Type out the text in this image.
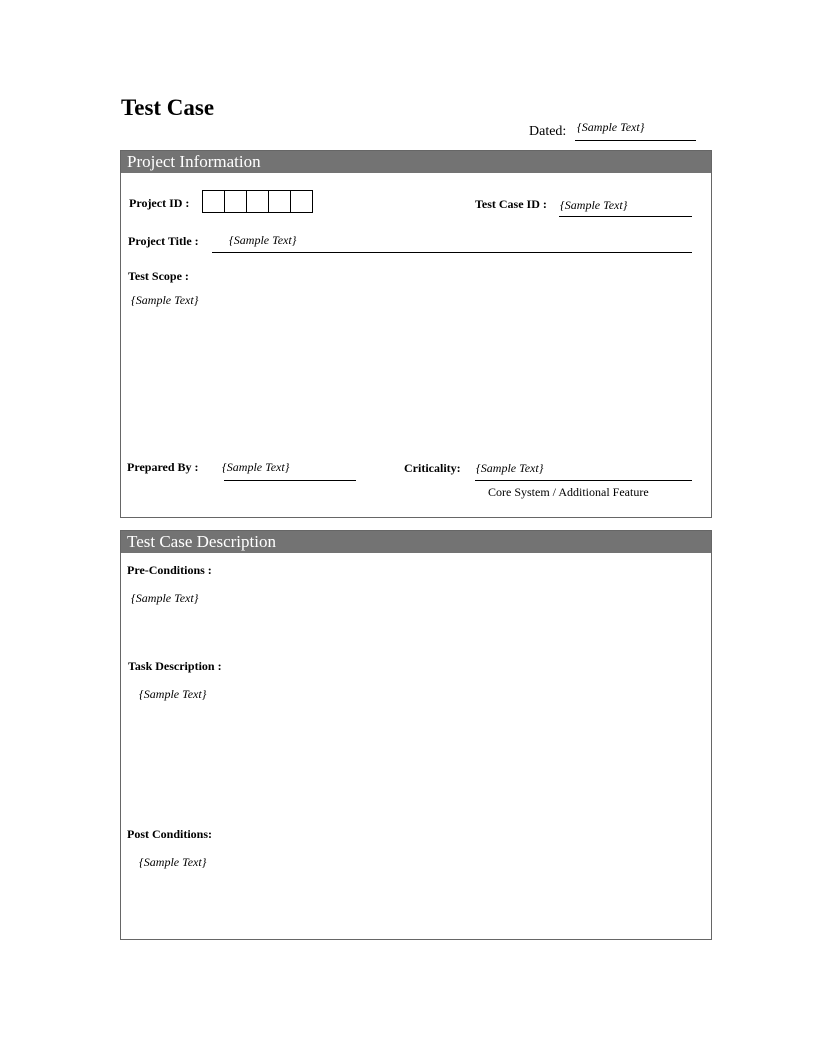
Test Case
Dated: {Sample Text}
Project Information
Project ID :	Test Case ID : {Sample Text}
Project Title :	{Sample Text}
Test Scope :
{Sample Text}
Prepared By : {Sample Text}	Criticality: {Sample Text}
Core System / Additional Feature
Test Case Description
Pre-Conditions :
{Sample Text}
Task Description :
{Sample Text}
Post Conditions:
{Sample Text}
